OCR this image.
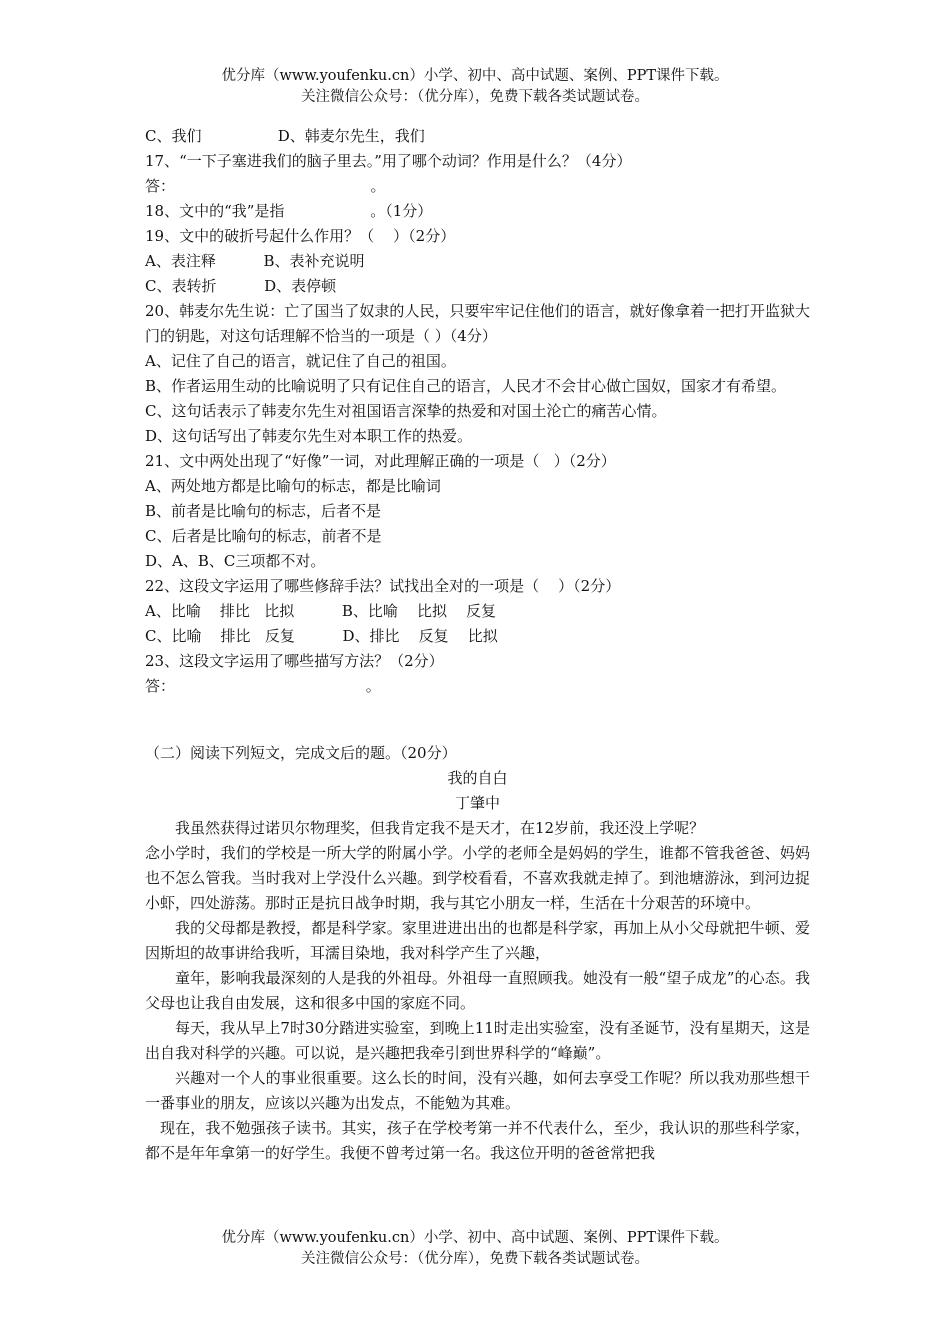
优分库（www.youfenku.cn）小学、初中、高中试题、案例、PPT课件下载。
关注微信公众号：（优分库），免费下载各类试题试卷。
C、我们                D、韩麦尔先生，我们
17、“一下子塞进我们的脑子里去。”用了哪个动词？作用是什么？（4分）
答：                                         。
18、文中的“我”是指                  。（1分）
19、文中的破折号起什么作用？（    ）（2分）
A、表注释          B、表补充说明
C、表转折          D、表停顿
20、韩麦尔先生说：亡了国当了奴隶的人民，只要牢牢记住他们的语言，就好像拿着一把打开监狱大门的钥匙，对这句话理解不恰当的一项是（ ）（4分）
A、记住了自己的语言，就记住了自己的祖国。
B、作者运用生动的比喻说明了只有记住自己的语言，人民才不会甘心做亡国奴，国家才有希望。
C、这句话表示了韩麦尔先生对祖国语言深挚的热爱和对国土沦亡的痛苦心情。
D、这句话写出了韩麦尔先生对本职工作的热爱。
21、文中两处出现了“好像”一词，对此理解正确的一项是（   ）（2分）
A、两处地方都是比喻句的标志，都是比喻词
B、前者是比喻句的标志，后者不是
C、后者是比喻句的标志，前者不是
D、A、B、C三项都不对。
22、这段文字运用了哪些修辞手法？试找出全对的一项是（    ）（2分）
A、比喻    排比   比拟          B、比喻    比拟    反复
C、比喻    排比   反复          D、排比    反复    比拟
23、这段文字运用了哪些描写方法？（2分）
答：                                        。
（二）阅读下列短文，完成文后的题。（20分）
我的自白
丁肇中
我虽然获得过诺贝尔物理奖，但我肯定我不是天才，在12岁前，我还没上学呢？
念小学时，我们的学校是一所大学的附属小学。小学的老师全是妈妈的学生，谁都不管我爸爸、妈妈也不怎么管我。当时我对上学没什么兴趣。到学校看看，不喜欢我就走掉了。到池塘游泳，到河边捉小虾，四处游荡。那时正是抗日战争时期，我与其它小朋友一样，生活在十分艰苦的环境中。
我的父母都是教授，都是科学家。家里进进出出的也都是科学家，再加上从小父母就把牛顿、爱因斯坦的故事讲给我听，耳濡目染地，我对科学产生了兴趣，
童年，影响我最深刻的人是我的外祖母。外祖母一直照顾我。她没有一般“望子成龙”的心态。我父母也让我自由发展，这和很多中国的家庭不同。
每天，我从早上7时30分踏进实验室，到晚上11时走出实验室，没有圣诞节，没有星期天，这是出自我对科学的兴趣。可以说，是兴趣把我牵引到世界科学的“峰巅”。
兴趣对一个人的事业很重要。这么长的时间，没有兴趣，如何去享受工作呢？所以我劝那些想干一番事业的朋友，应该以兴趣为出发点，不能勉为其难。
现在，我不勉强孩子读书。其实，孩子在学校考第一并不代表什么，至少，我认识的那些科学家，都不是年年拿第一的好学生。我便不曾考过第一名。我这位开明的爸爸常把我
优分库（www.youfenku.cn）小学、初中、高中试题、案例、PPT课件下载。
关注微信公众号：（优分库），免费下载各类试题试卷。
